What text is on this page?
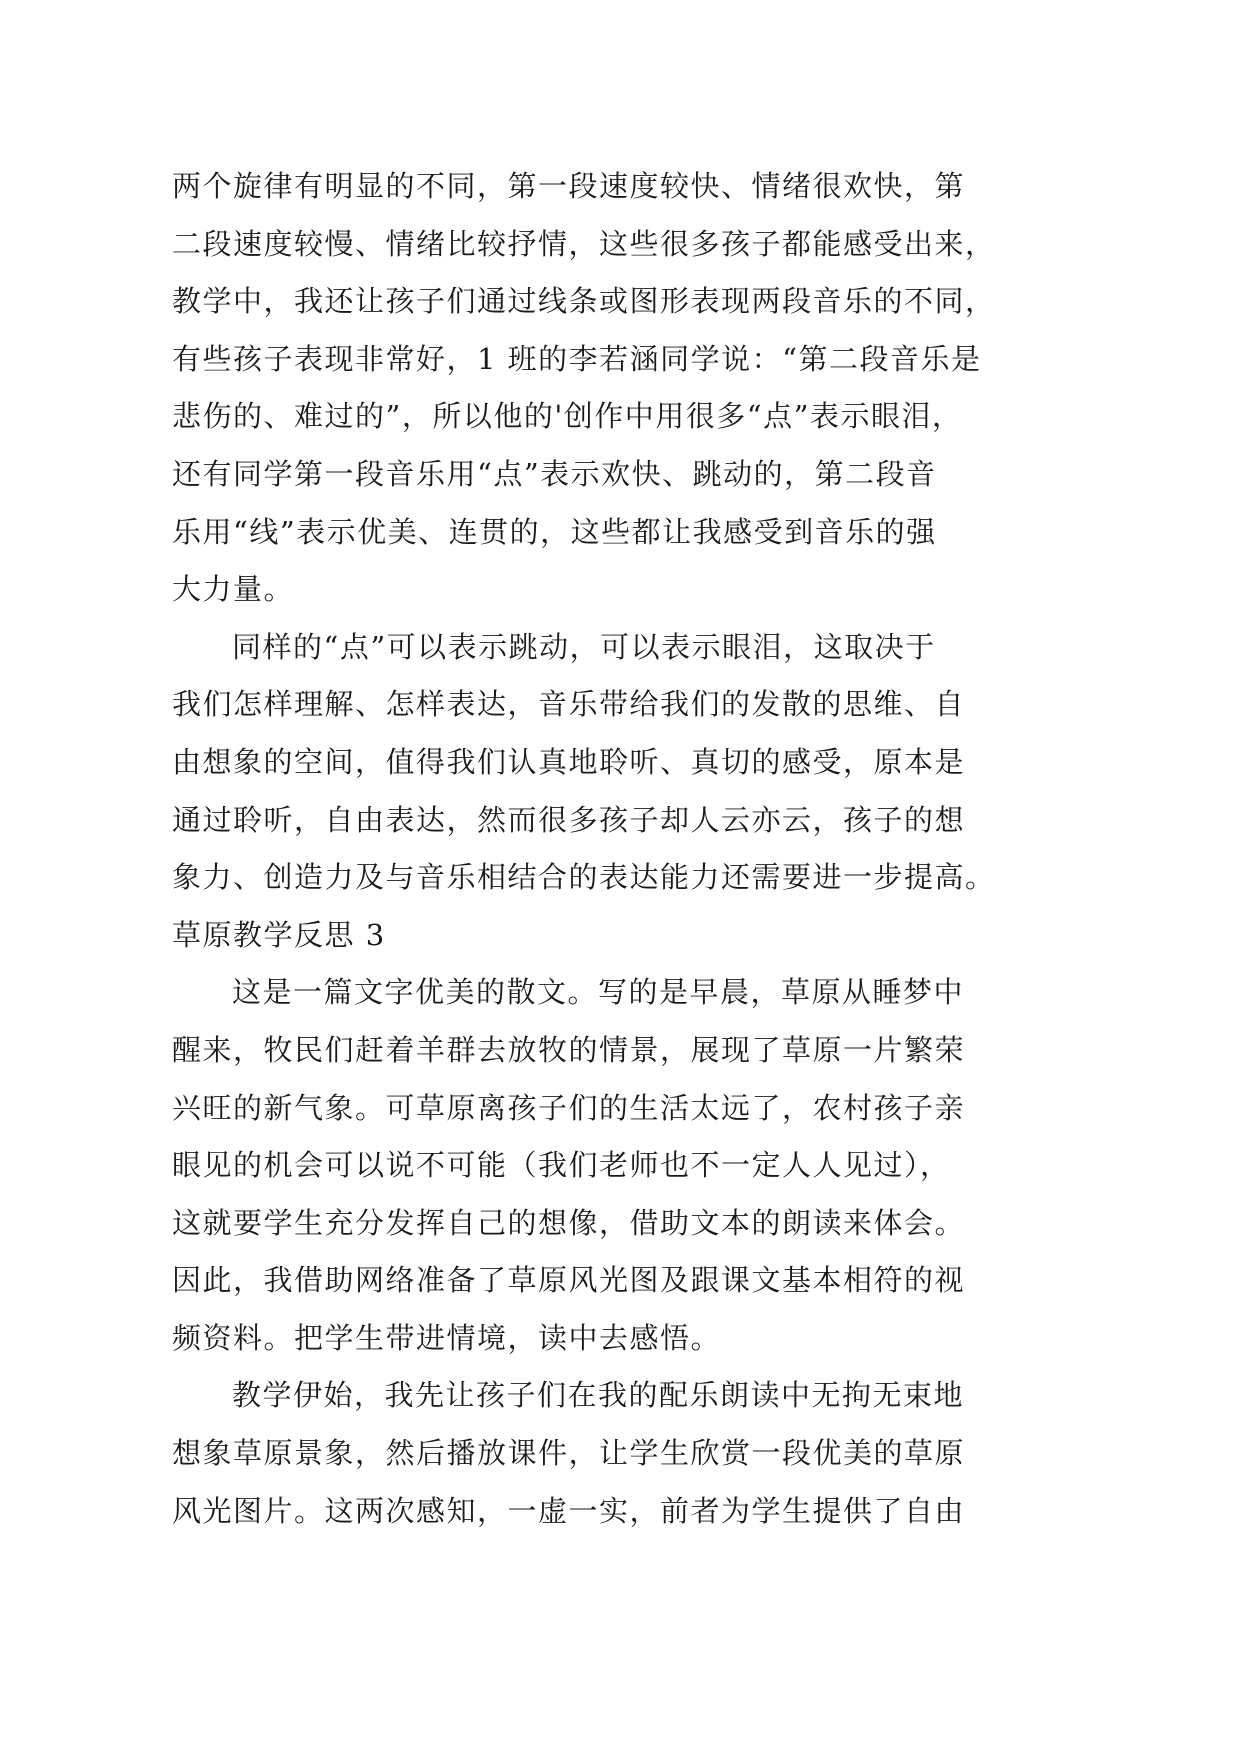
两个旋律有明显的不同，第一段速度较快、情绪很欢快，第
二段速度较慢、情绪比较抒情，这些很多孩子都能感受出来，
教学中，我还让孩子们通过线条或图形表现两段音乐的不同，
有些孩子表现非常好，1 班的李若涵同学说：“第二段音乐是
悲伤的、难过的”，所以他的'创作中用很多“点”表示眼泪，
还有同学第一段音乐用“点”表示欢快、跳动的，第二段音
乐用“线”表示优美、连贯的，这些都让我感受到音乐的强
大力量。
同样的“点”可以表示跳动，可以表示眼泪，这取决于
我们怎样理解、怎样表达，音乐带给我们的发散的思维、自
由想象的空间，值得我们认真地聆听、真切的感受，原本是
通过聆听，自由表达，然而很多孩子却人云亦云，孩子的想
象力、创造力及与音乐相结合的表达能力还需要进一步提高。
草原教学反思 3
这是一篇文字优美的散文。写的是早晨，草原从睡梦中
醒来，牧民们赶着羊群去放牧的情景，展现了草原一片繁荣
兴旺的新气象。可草原离孩子们的生活太远了，农村孩子亲
眼见的机会可以说不可能（我们老师也不一定人人见过），
这就要学生充分发挥自己的想像，借助文本的朗读来体会。
因此，我借助网络准备了草原风光图及跟课文基本相符的视
频资料。把学生带进情境，读中去感悟。
教学伊始，我先让孩子们在我的配乐朗读中无拘无束地
想象草原景象，然后播放课件，让学生欣赏一段优美的草原
风光图片。这两次感知，一虚一实，前者为学生提供了自由
